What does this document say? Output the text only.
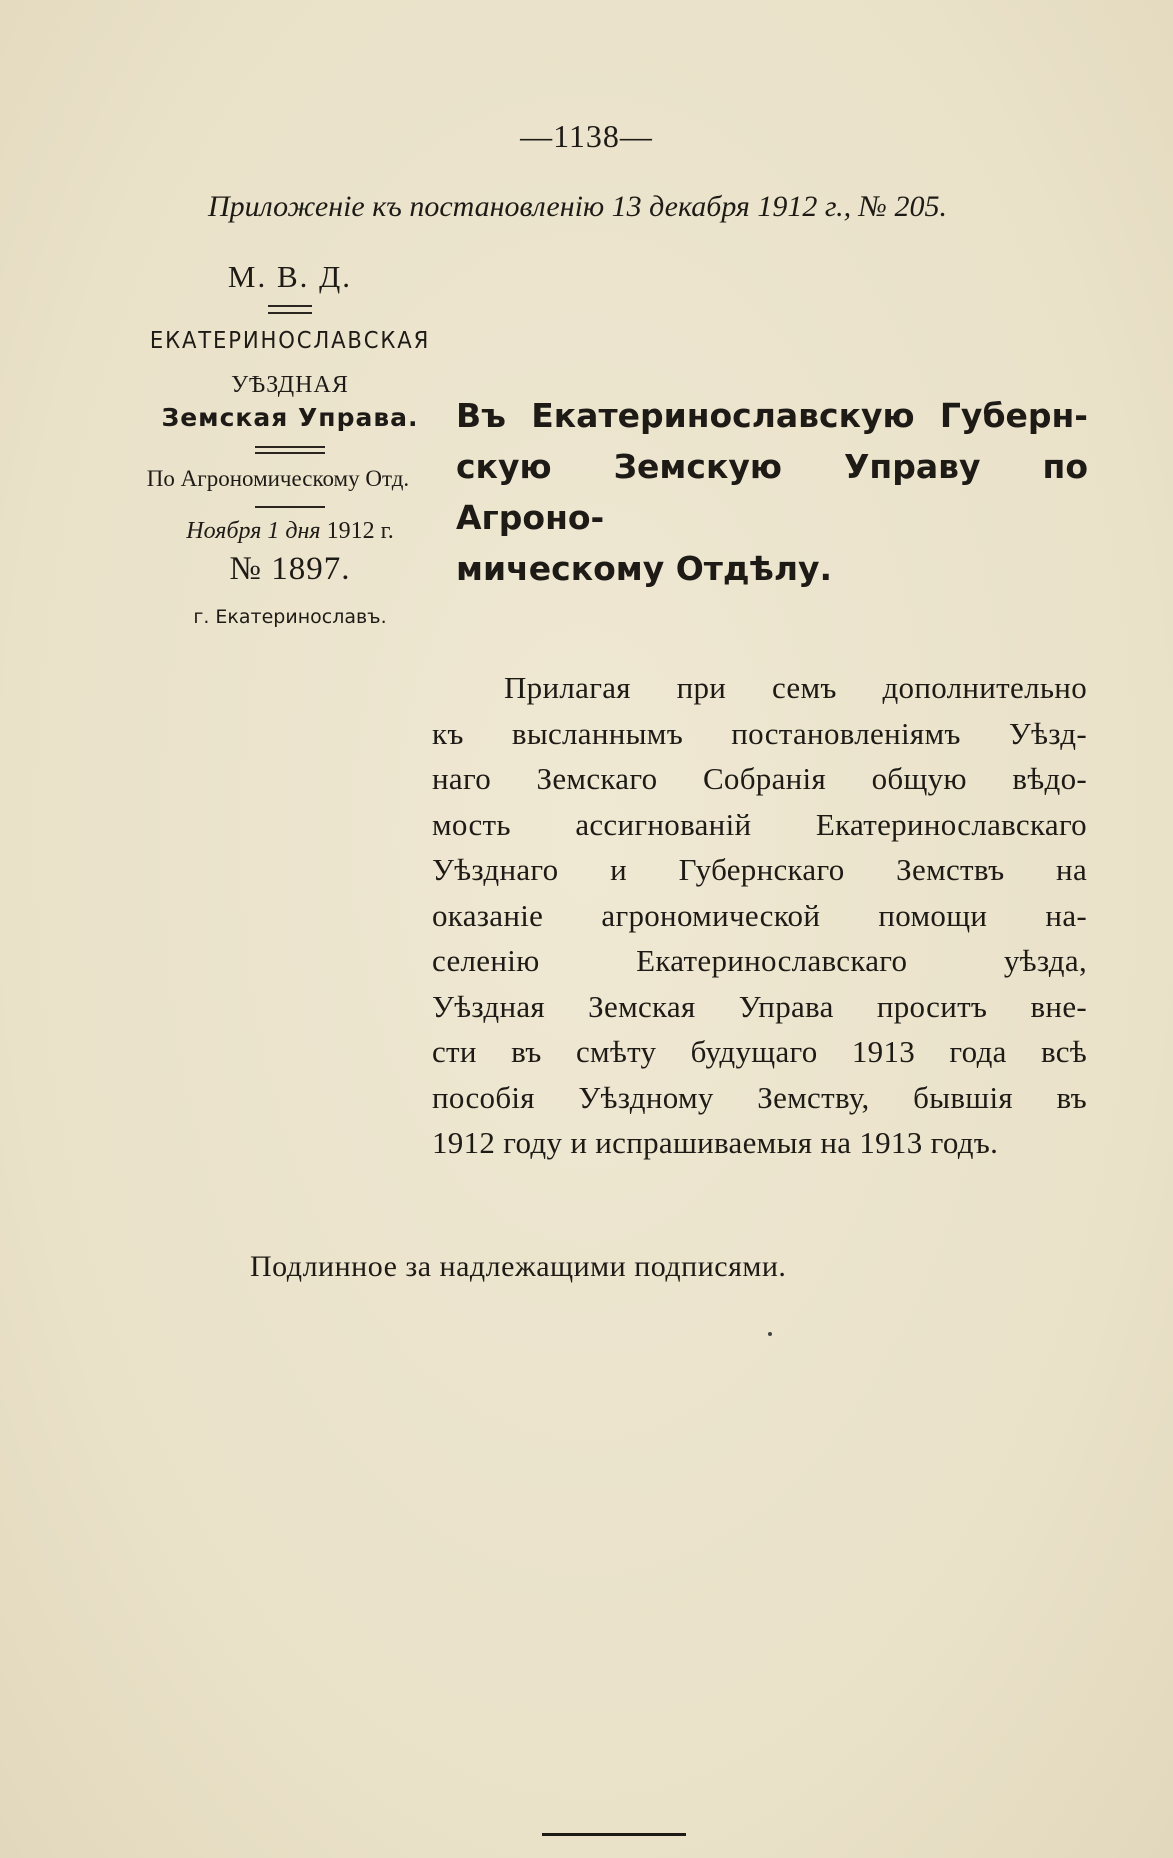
—1138—
Приложеніе къ постановленію 13 декабря 1912 г., № 205.
М. В. Д.
ЕКАТЕРИНОСЛАВСКАЯ
УѢЗДНАЯ
Земская Управа.
По Агрономическому Отд.
Ноября 1 дня 1912 г.
№ 1897.
г. Екатеринославъ.
Въ Екатеринославскую Губерн-
скую Земскую Управу по Агроно-
мическому Отдѣлу.
Прилагая при семъ дополнительно
къ высланнымъ постановленіямъ Уѣзд-
наго Земскаго Собранія общую вѣдо-
мость ассигнованій Екатеринославскаго
Уѣзднаго и Губернскаго Земствъ на
оказаніе агрономической помощи на-
селенію Екатеринославскаго уѣзда,
Уѣздная Земская Управа проситъ вне-
сти въ смѣту будущаго 1913 года всѣ
пособія Уѣздному Земству, бывшія въ
1912 году и испрашиваемыя на 1913 годъ.
Подлинное за надлежащими подписями.
